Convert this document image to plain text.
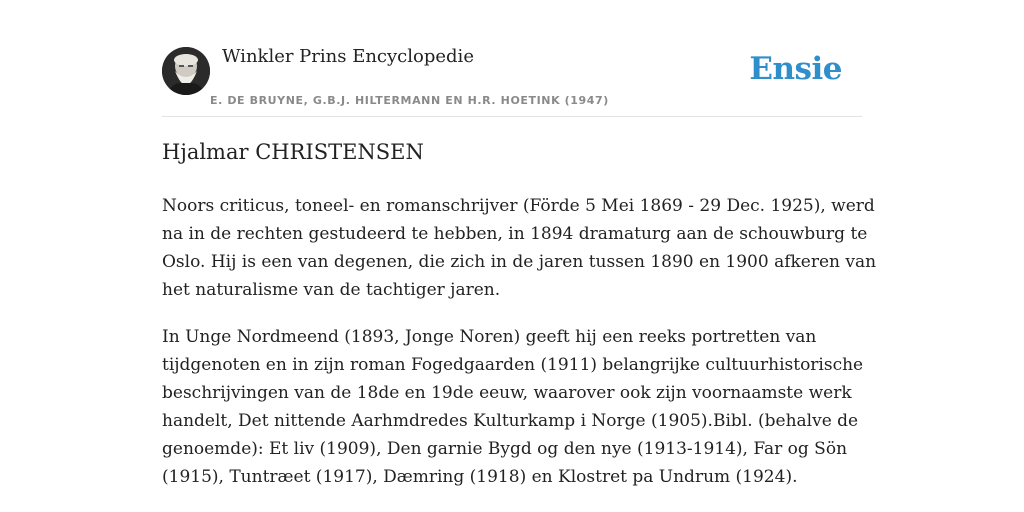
Winkler Prins Encyclopedie
E. DE BRUYNE, G.B.J. HILTERMANN EN H.R. HOETINK (1947)
Ensie
Hjalmar CHRISTENSEN

Noors criticus, toneel- en romanschrijver (Förde 5 Mei 1869 - 29 Dec. 1925), werd
na in de rechten gestudeerd te hebben, in 1894 dramaturg aan de schouwburg te
Oslo. Hij is een van degenen, die zich in de jaren tussen 1890 en 1900 afkeren van
het naturalisme van de tachtiger jaren.

In Unge Nordmeend (1893, Jonge Noren) geeft hij een reeks portretten van
tijdgenoten en in zijn roman Fogedgaarden (1911) belangrijke cultuurhistorische
beschrijvingen van de 18de en 19de eeuw, waarover ook zijn voornaamste werk
handelt, Det nittende Aarhmdredes Kulturkamp i Norge (1905).Bibl. (behalve de
genoemde): Et liv (1909), Den garnie Bygd og den nye (1913-1914), Far og Sön
(1915), Tuntræet (1917), Dæmring (1918) en Klostret pa Undrum (1924).
